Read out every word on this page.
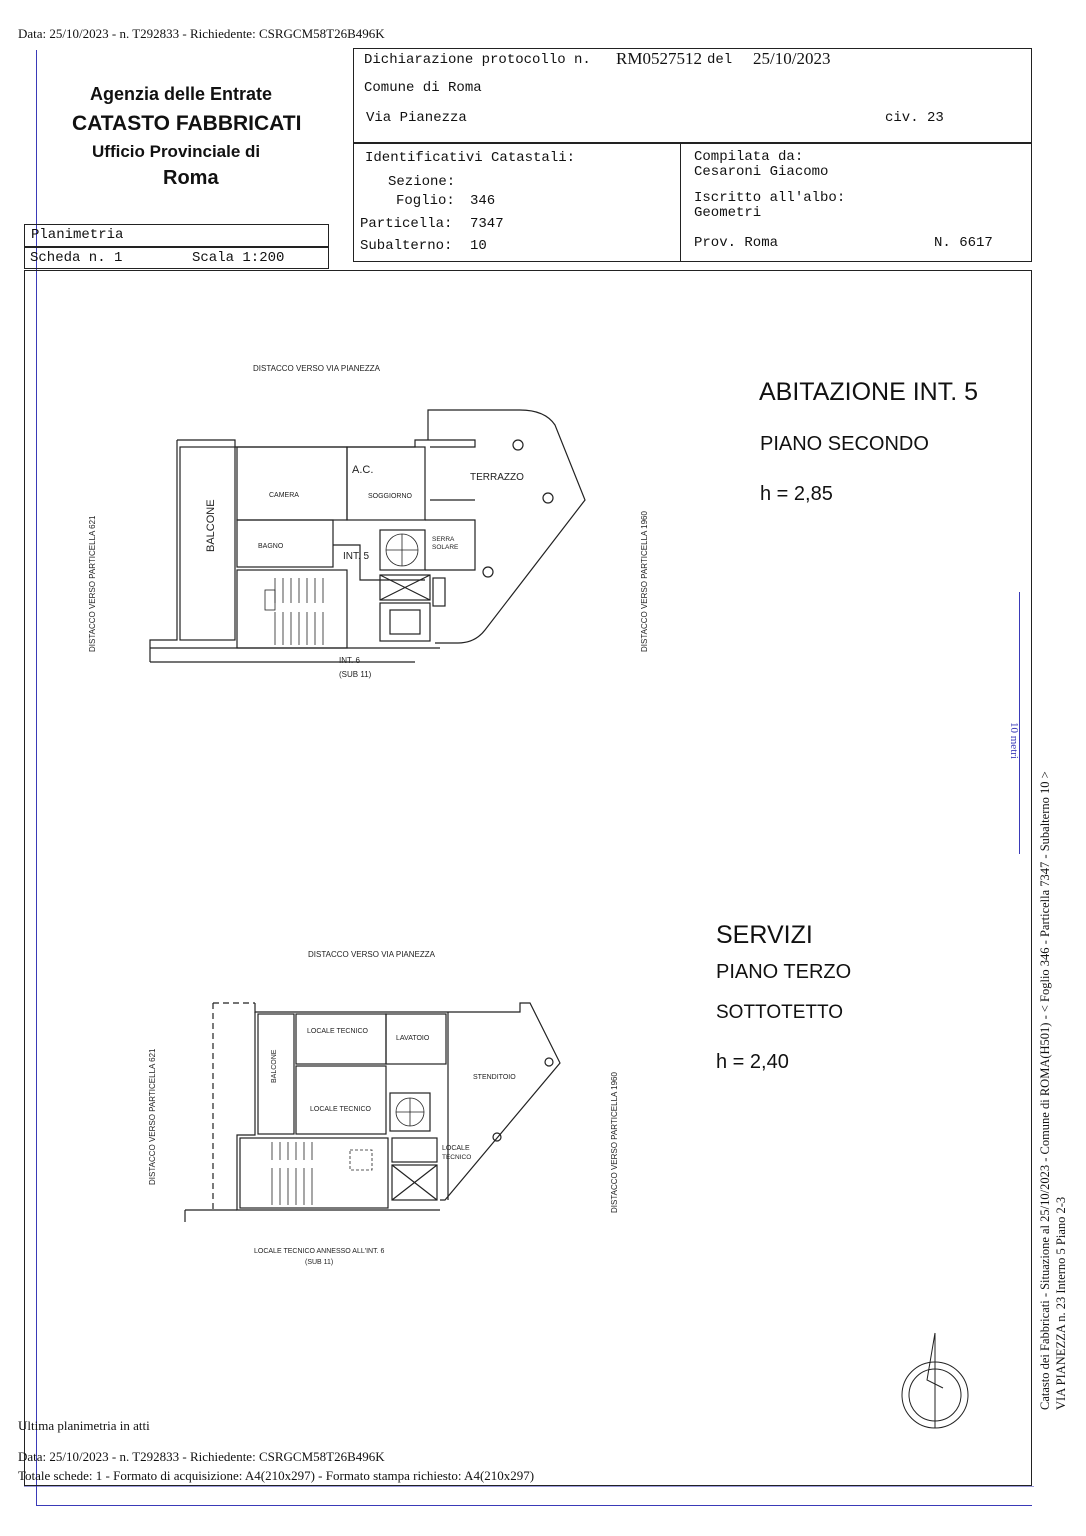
Data: 25/10/2023 - n. T292833 - Richiedente: CSRGCM58T26B496K
Agenzia delle Entrate
CATASTO FABBRICATI
Ufficio Provinciale di
Roma
Planimetria
Scheda n. 1	Scala 1:200
Dichiarazione protocollo n. RM0527512 del 25/10/2023
Comune di Roma
Via Pianezza	civ. 23
Identificativi Catastali:
Sezione:
Foglio: 346
Particella: 7347
Subalterno: 10
Compilata da:
Cesaroni Giacomo
Iscritto all'albo:
Geometri
Prov. Roma	N. 6617
ABITAZIONE INT. 5
PIANO SECONDO
h = 2,85
DISTACCO VERSO VIA PIANEZZA
CAMERA
A.C.
SOGGIORNO
TERRAZZO
BAGNO
INT. 5
SERRA
SOLARE
INT. 6
(SUB 11)
BALCONE
DISTACCO VERSO PARTICELLA 621	DISTACCO VERSO PARTICELLA 1960
SERVIZI
PIANO TERZO
SOTTOTETTO
h = 2,40
DISTACCO VERSO VIA PIANEZZA
LOCALE TECNICO
LAVATOIO
STENDITOIO
LOCALE TECNICO
LOCALE
TECNICO
LOCALE TECNICO ANNESSO ALL'INT. 6
(SUB 11)
BALCONE
DISTACCO VERSO PARTICELLA 621	DISTACCO VERSO PARTICELLA 1960
10 metri
Catasto dei Fabbricati - Situazione al 25/10/2023 - Comune di ROMA(H501) - < Foglio 346 - Particella 7347 - Subalterno 10 > VIA PIANEZZA n. 23 Interno 5 Piano 2-3
Ultima planimetria in atti
Data: 25/10/2023 - n. T292833 - Richiedente: CSRGCM58T26B496K
Totale schede: 1 - Formato di acquisizione: A4(210x297) - Formato stampa richiesto: A4(210x297)
